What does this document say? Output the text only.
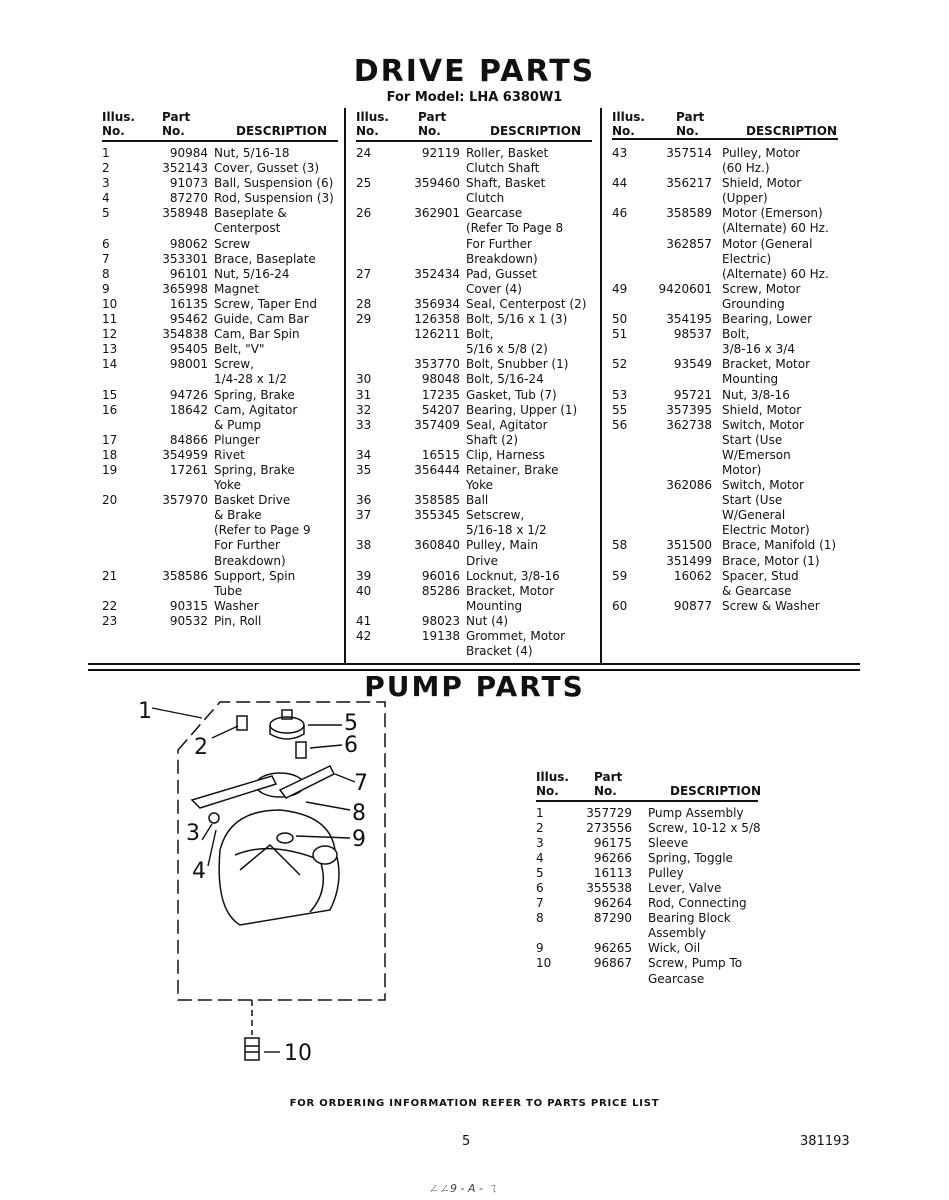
DRIVE PARTS
For Model: LHA 6380W1
Illus.
No.
Part
No.	DESCRIPTION
1	90984 Nut, 5/16-18
2	352143 Cover, Gusset (3)
3	91073 Ball, Suspension (6)
4	87270 Rod, Suspension (3)
5	358948 Baseplate &
Centerpost
6	98062 Screw
7	353301 Brace, Baseplate
8	96101 Nut, 5/16-24
9	365998 Magnet
10	16135 Screw, Taper End
11	95462 Guide, Cam Bar
12	354838 Cam, Bar Spin
13	95405 Belt, "V"
14	98001 Screw,
1/4-28 x 1/2
15	94726 Spring, Brake
16	18642 Cam, Agitator
& Pump
17	84866 Plunger
18	354959 Rivet
19	17261 Spring, Brake
Yoke
20	357970 Basket Drive
& Brake
(Refer to Page 9
For Further
Breakdown)
21	358586 Support, Spin
Tube
22	90315 Washer
23	90532 Pin, Roll
Illus.
No.
Part
No.	DESCRIPTION
24	92119 Roller, Basket
Clutch Shaft
25	359460 Shaft, Basket
Clutch
26	362901 Gearcase
(Refer To Page 8
For Further
Breakdown)
27	352434 Pad, Gusset
Cover (4)
28	356934 Seal, Centerpost (2)
29	126358 Bolt, 5/16 x 1 (3)
126211 Bolt,
5/16 x 5/8 (2)
353770 Bolt, Snubber (1)
30	98048 Bolt, 5/16-24
31	17235 Gasket, Tub (7)
32	54207 Bearing, Upper (1)
33	357409 Seal, Agitator
Shaft (2)
34	16515 Clip, Harness
35	356444 Retainer, Brake
Yoke
36	358585 Ball
37	355345 Setscrew,
5/16-18 x 1/2
38	360840 Pulley, Main
Drive
39	96016 Locknut, 3/8-16
40	85286 Bracket, Motor
Mounting
41	98023 Nut (4)
42	19138 Grommet, Motor
Bracket (4)
Illus.
No.
Part
No.	DESCRIPTION
43	357514 Pulley, Motor
(60 Hz.)
44	356217 Shield, Motor
(Upper)
46	358589 Motor (Emerson)
(Alternate) 60 Hz.
362857 Motor (General
Electric)
(Alternate) 60 Hz.
49	9420601 Screw, Motor
Grounding
50	354195 Bearing, Lower
51	98537 Bolt,
3/8-16 x 3/4
52	93549 Bracket, Motor
Mounting
53	95721 Nut, 3/8-16
55	357395 Shield, Motor
56	362738 Switch, Motor
Start (Use
W/Emerson
Motor)
362086 Switch, Motor
Start (Use
W/General
Electric Motor)
58	351500 Brace, Manifold (1)
351499 Brace, Motor (1)
59	16062 Spacer, Stud
& Gearcase
60	90877 Screw & Washer
PUMP PARTS
1
2
3
4
5
6
7
8
9
10
Illus.
No.
Part
No.	DESCRIPTION
1	357729 Pump Assembly
2	273556 Screw, 10-12 x 5/8
3	96175 Sleeve
4	96266 Spring, Toggle
5	16113 Pulley
6	355538 Lever, Valve
7	96264 Rod, Connecting
8	87290 Bearing Block
Assembly
9	96265 Wick, Oil
10	96867 Screw, Pump To
Gearcase
FOR ORDERING INFORMATION REFER TO PARTS PRICE LIST
5	381193
ㄥㄥ9 - A - ㄟ
